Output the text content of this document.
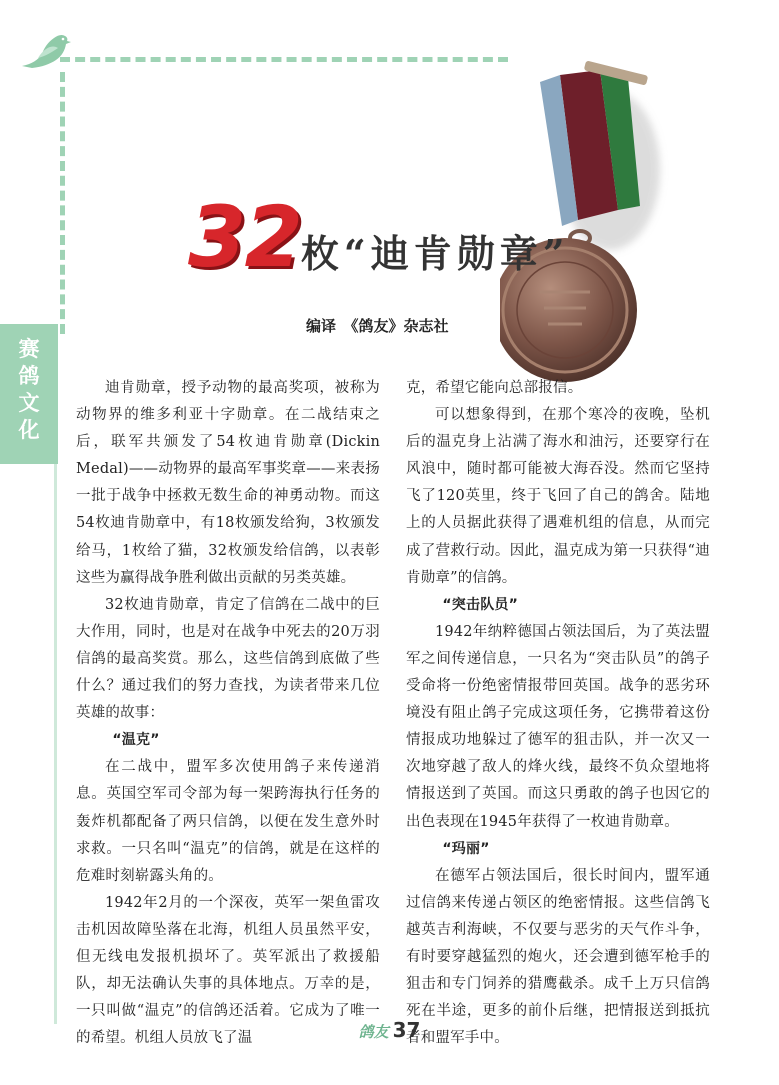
赛
鸽
文
化
32枚“迪肯勋章”
编译　《鸽友》杂志社

迪肯勋章，授予动物的最高奖项，被称为动物界的维多利亚十字勋章。在二战结束之后，联军共颁发了54枚迪肯勋章(Dickin Medal)——动物界的最高军事奖章——来表扬一批于战争中拯救无数生命的神勇动物。而这54枚迪肯勋章中，有18枚颁发给狗，3枚颁发给马，1枚给了猫，32枚颁发给信鸽，以表彰这些为赢得战争胜利做出贡献的另类英雄。

32枚迪肯勋章，肯定了信鸽在二战中的巨大作用，同时，也是对在战争中死去的20万羽信鸽的最高奖赏。那么，这些信鸽到底做了些什么？通过我们的努力查找，为读者带来几位英雄的故事：

“温克”

在二战中，盟军多次使用鸽子来传递消息。英国空军司令部为每一架跨海执行任务的轰炸机都配备了两只信鸽，以便在发生意外时求救。一只名叫“温克”的信鸽，就是在这样的危难时刻崭露头角的。

1942年2月的一个深夜，英军一架鱼雷攻击机因故障坠落在北海，机组人员虽然平安，但无线电发报机损坏了。英军派出了救援船队，却无法确认失事的具体地点。万幸的是，一只叫做“温克”的信鸽还活着。它成为了唯一的希望。机组人员放飞了温

克，希望它能向总部报信。

可以想象得到，在那个寒冷的夜晚，坠机后的温克身上沾满了海水和油污，还要穿行在风浪中，随时都可能被大海吞没。然而它坚持飞了120英里，终于飞回了自己的鸽舍。陆地上的人员据此获得了遇难机组的信息，从而完成了营救行动。因此，温克成为第一只获得“迪肯勋章”的信鸽。

“突击队员”

1942年纳粹德国占领法国后，为了英法盟军之间传递信息，一只名为“突击队员”的鸽子受命将一份绝密情报带回英国。战争的恶劣环境没有阻止鸽子完成这项任务，它携带着这份情报成功地躲过了德军的狙击队，并一次又一次地穿越了敌人的烽火线，最终不负众望地将情报送到了英国。而这只勇敢的鸽子也因它的出色表现在1945年获得了一枚迪肯勋章。

“玛丽”

在德军占领法国后，很长时间内，盟军通过信鸽来传递占领区的绝密情报。这些信鸽飞越英吉利海峡，不仅要与恶劣的天气作斗争，有时要穿越猛烈的炮火，还会遭到德军枪手的狙击和专门饲养的猎鹰截杀。成千上万只信鸽死在半途，更多的前仆后继，把情报送到抵抗者和盟军手中。

鸽友 37
